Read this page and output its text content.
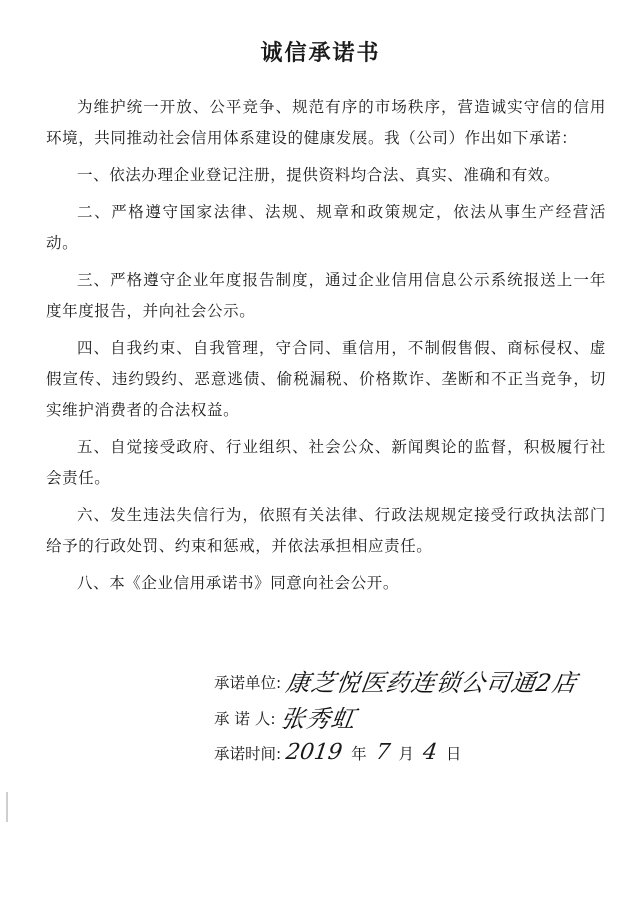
诚信承诺书

为维护统一开放、公平竞争、规范有序的市场秩序，营造诚实守信的信用环境，共同推动社会信用体系建设的健康发展。我（公司）作出如下承诺：

一、依法办理企业登记注册，提供资料均合法、真实、准确和有效。

二、严格遵守国家法律、法规、规章和政策规定，依法从事生产经营活动。

三、严格遵守企业年度报告制度，通过企业信用信息公示系统报送上一年度年度报告，并向社会公示。

四、自我约束、自我管理，守合同、重信用，不制假售假、商标侵权、虚假宣传、违约毁约、恶意逃债、偷税漏税、价格欺诈、垄断和不正当竞争，切实维护消费者的合法权益。

五、自觉接受政府、行业组织、社会公众、新闻舆论的监督，积极履行社会责任。

六、发生违法失信行为，依照有关法律、行政法规规定接受行政执法部门给予的行政处罚、约束和惩戒，并依法承担相应责任。

八、本《企业信用承诺书》同意向社会公开。

承诺单位: 康芝悦医药连锁公司通2店
承 诺 人: 张秀虹
承诺时间: 2019 年 7 月 4 日
